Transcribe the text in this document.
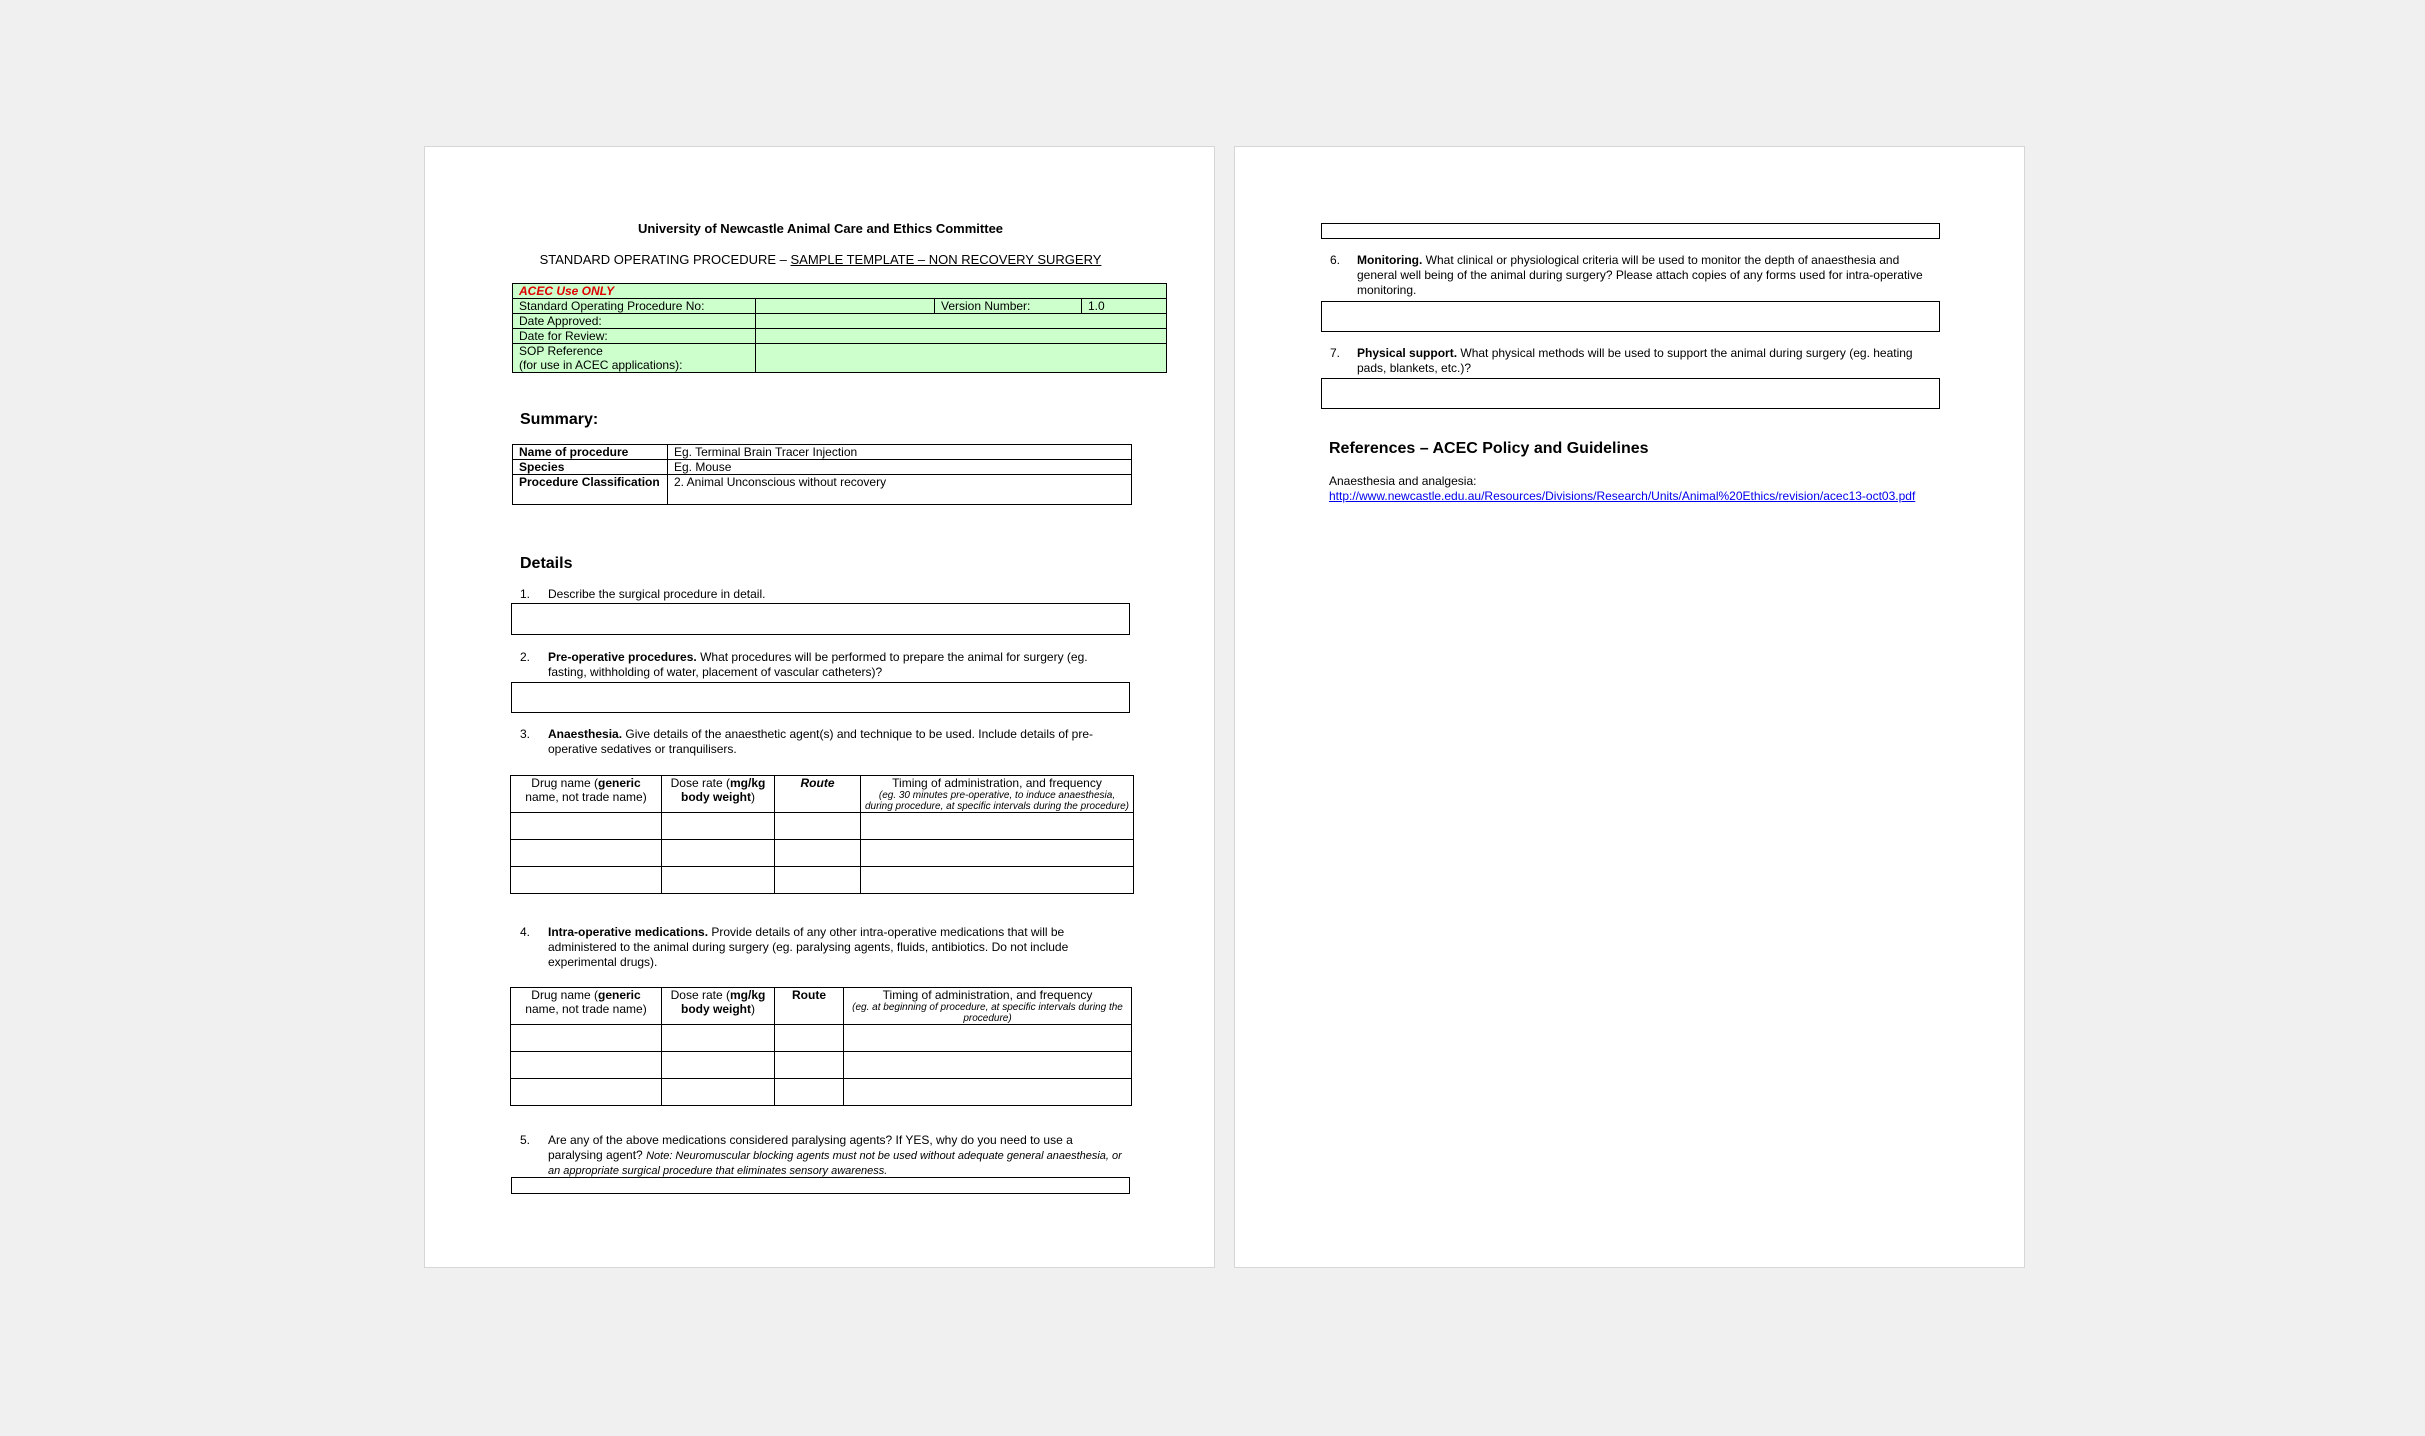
University of Newcastle Animal Care and Ethics Committee
STANDARD OPERATING PROCEDURE – SAMPLE TEMPLATE – NON RECOVERY SURGERY
ACEC Use ONLY			
Standard Operating Procedure No:		Version Number:	1.0
Date Approved:			
Date for Review:			

SOP Reference
(for use in ACEC applications):			

Summary:
Name of procedure	Eg. Terminal Brain Tracer Injection
Species	Eg. Mouse
Procedure Classification	2. Animal Unconscious without recovery
Details
1. Describe the surgical procedure in detail.
2. Pre-operative procedures. What procedures will be performed to prepare the animal for surgery (eg. fasting, withholding of water, placement of vascular catheters)?
3. Anaesthesia. Give details of the anaesthetic agent(s) and technique to be used. Include details of pre-operative sedatives or tranquilisers.
Drug name (generic name, not trade name)	Dose rate (mg/kg body weight)	Route	Timing of administration, and frequency
(eg. 30 minutes pre-operative, to induce anaesthesia, during procedure, at specific intervals during the procedure)

4. Intra-operative medications. Provide details of any other intra-operative medications that will be administered to the animal during surgery (eg. paralysing agents, fluids, antibiotics. Do not include experimental drugs).
Drug name (generic name, not trade name)	Dose rate (mg/kg body weight)	Route	Timing of administration, and frequency
(eg. at beginning of procedure, at specific intervals during the procedure)

5. Are any of the above medications considered paralysing agents? If YES, why do you need to use a paralysing agent? Note: Neuromuscular blocking agents must not be used without adequate general anaesthesia, or an appropriate surgical procedure that eliminates sensory awareness.
6. Monitoring. What clinical or physiological criteria will be used to monitor the depth of anaesthesia and general well being of the animal during surgery? Please attach copies of any forms used for intra-operative monitoring.
7. Physical support. What physical methods will be used to support the animal during surgery (eg. heating pads, blankets, etc.)?
References – ACEC Policy and Guidelines
Anaesthesia and analgesia:
http://www.newcastle.edu.au/Resources/Divisions/Research/Units/Animal%20Ethics/revision/acec13-oct03.pdf
